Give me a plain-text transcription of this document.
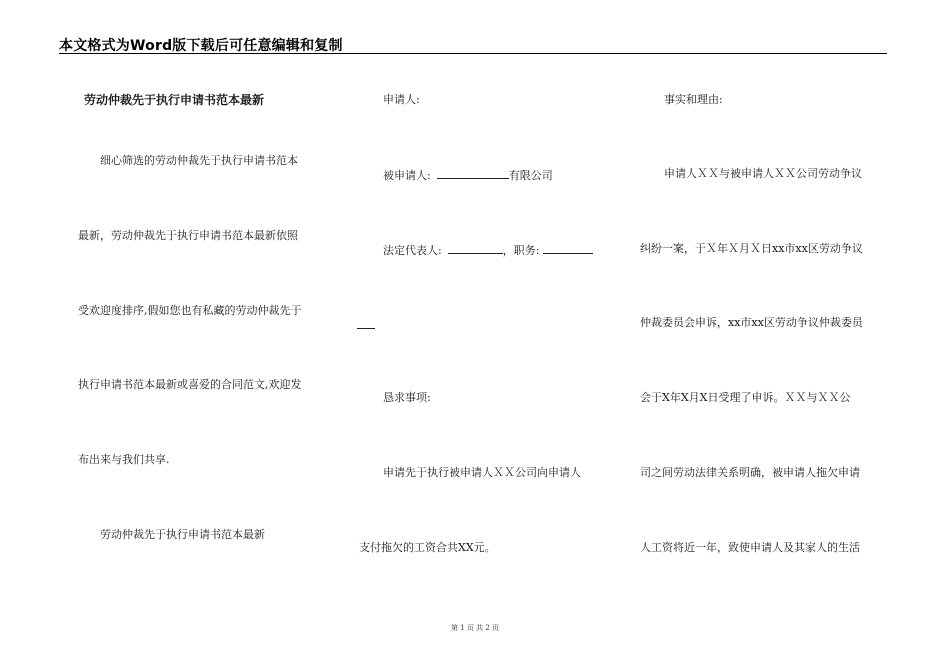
本文格式为Word版下载后可任意编辑和复制
劳动仲裁先于执行申请书范本最新
细心筛选的劳动仲裁先于执行申请书范本
最新，劳动仲裁先于执行申请书范本最新依照
受欢迎度排序,假如您也有私藏的劳动仲裁先于
执行申请书范本最新或喜爱的合同范文,欢迎发
布出来与我们共享.
劳动仲裁先于执行申请书范本最新
申请人:
被申请人:	有限公司
法定代表人:	，职务:
恳求事项:
申请先于执行被申请人ＸＸ公司向申请人
支付拖欠的工资合共XX元。
事实和理由:
申请人ＸＸ与被申请人ＸＸ公司劳动争议
纠纷一案，于Ｘ年Ｘ月Ｘ日xx市xx区劳动争议
仲裁委员会申诉，xx市xx区劳动争议仲裁委员
会于X年X月X日受理了申诉。ＸＸ与ＸＸ公
司之间劳动法律关系明确，被申请人拖欠申请
人工资将近一年，致使申请人及其家人的生活
第 1 页 共 2 页
